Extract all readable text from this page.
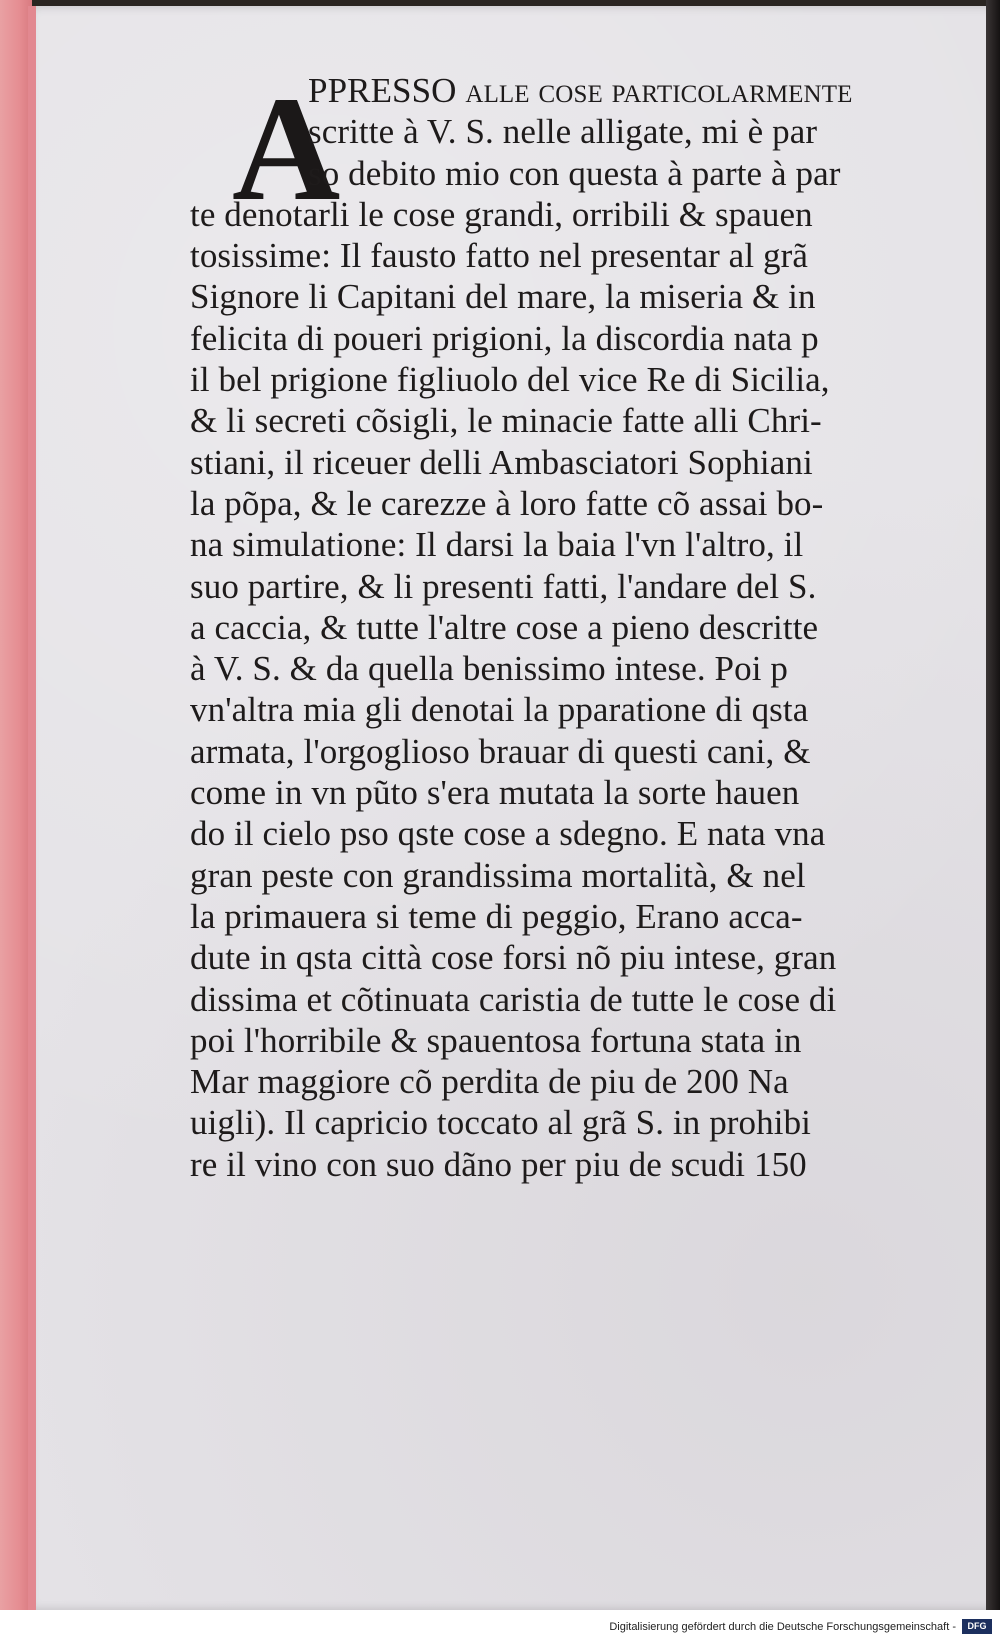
A
PPRESSO alle cose particolarmente
scritte à V. S. nelle alligate, mi è par
so debito mio con questa à parte à par
te denotarli le cose grandi, orribili & spauen
tosissime: Il fausto fatto nel presentar al grã
Signore li Capitani del mare, la miseria & in
felicita di poueri prigioni, la discordia nata p
il bel prigione figliuolo del vice Re di Sicilia,
& li secreti cõsigli, le minacie fatte alli Chri-
stiani, il riceuer delli Ambasciatori Sophiani
la põpa, & le carezze à loro fatte cõ assai bo-
na simulatione: Il darsi la baia l'vn l'altro, il
suo partire, & li presenti fatti, l'andare del S.
a caccia, & tutte l'altre cose a pieno descritte
à V. S. & da quella benissimo intese. Poi p
vn'altra mia gli denotai la pparatione di qsta
armata, l'orgoglioso brauar di questi cani, &
come in vn pũto s'era mutata la sorte hauen
do il cielo pso qste cose a sdegno. E nata vna
gran peste con grandissima mortalità, & nel
la primauera si teme di peggio, Erano acca-
dute in qsta città cose forsi nõ piu intese, gran
dissima et cõtinuata caristia de tutte le cose di
poi l'horribile & spauentosa fortuna stata in
Mar maggiore cõ perdita de piu de 200 Na
uigli). Il capricio toccato al grã S. in prohibi
re il vino con suo dãno per piu de scudi 150
Digitalisierung gefördert durch die Deutsche Forschungsgemeinschaft -	DFG
